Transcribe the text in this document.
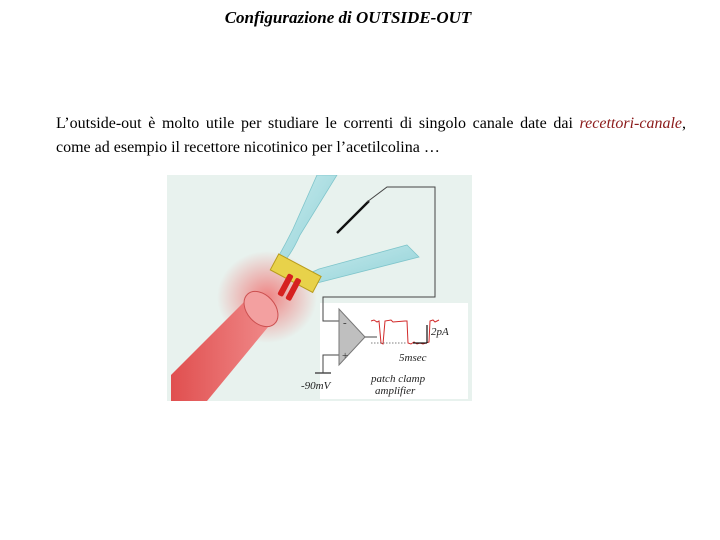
Configurazione di OUTSIDE-OUT

L’outside-out è molto utile per studiare le correnti di singolo canale date dai recettori-canale, come ad esempio il recettore nicotinico per l’acetilcolina …

-
+
2pA
5msec
-90mV
patch clamp
amplifier
